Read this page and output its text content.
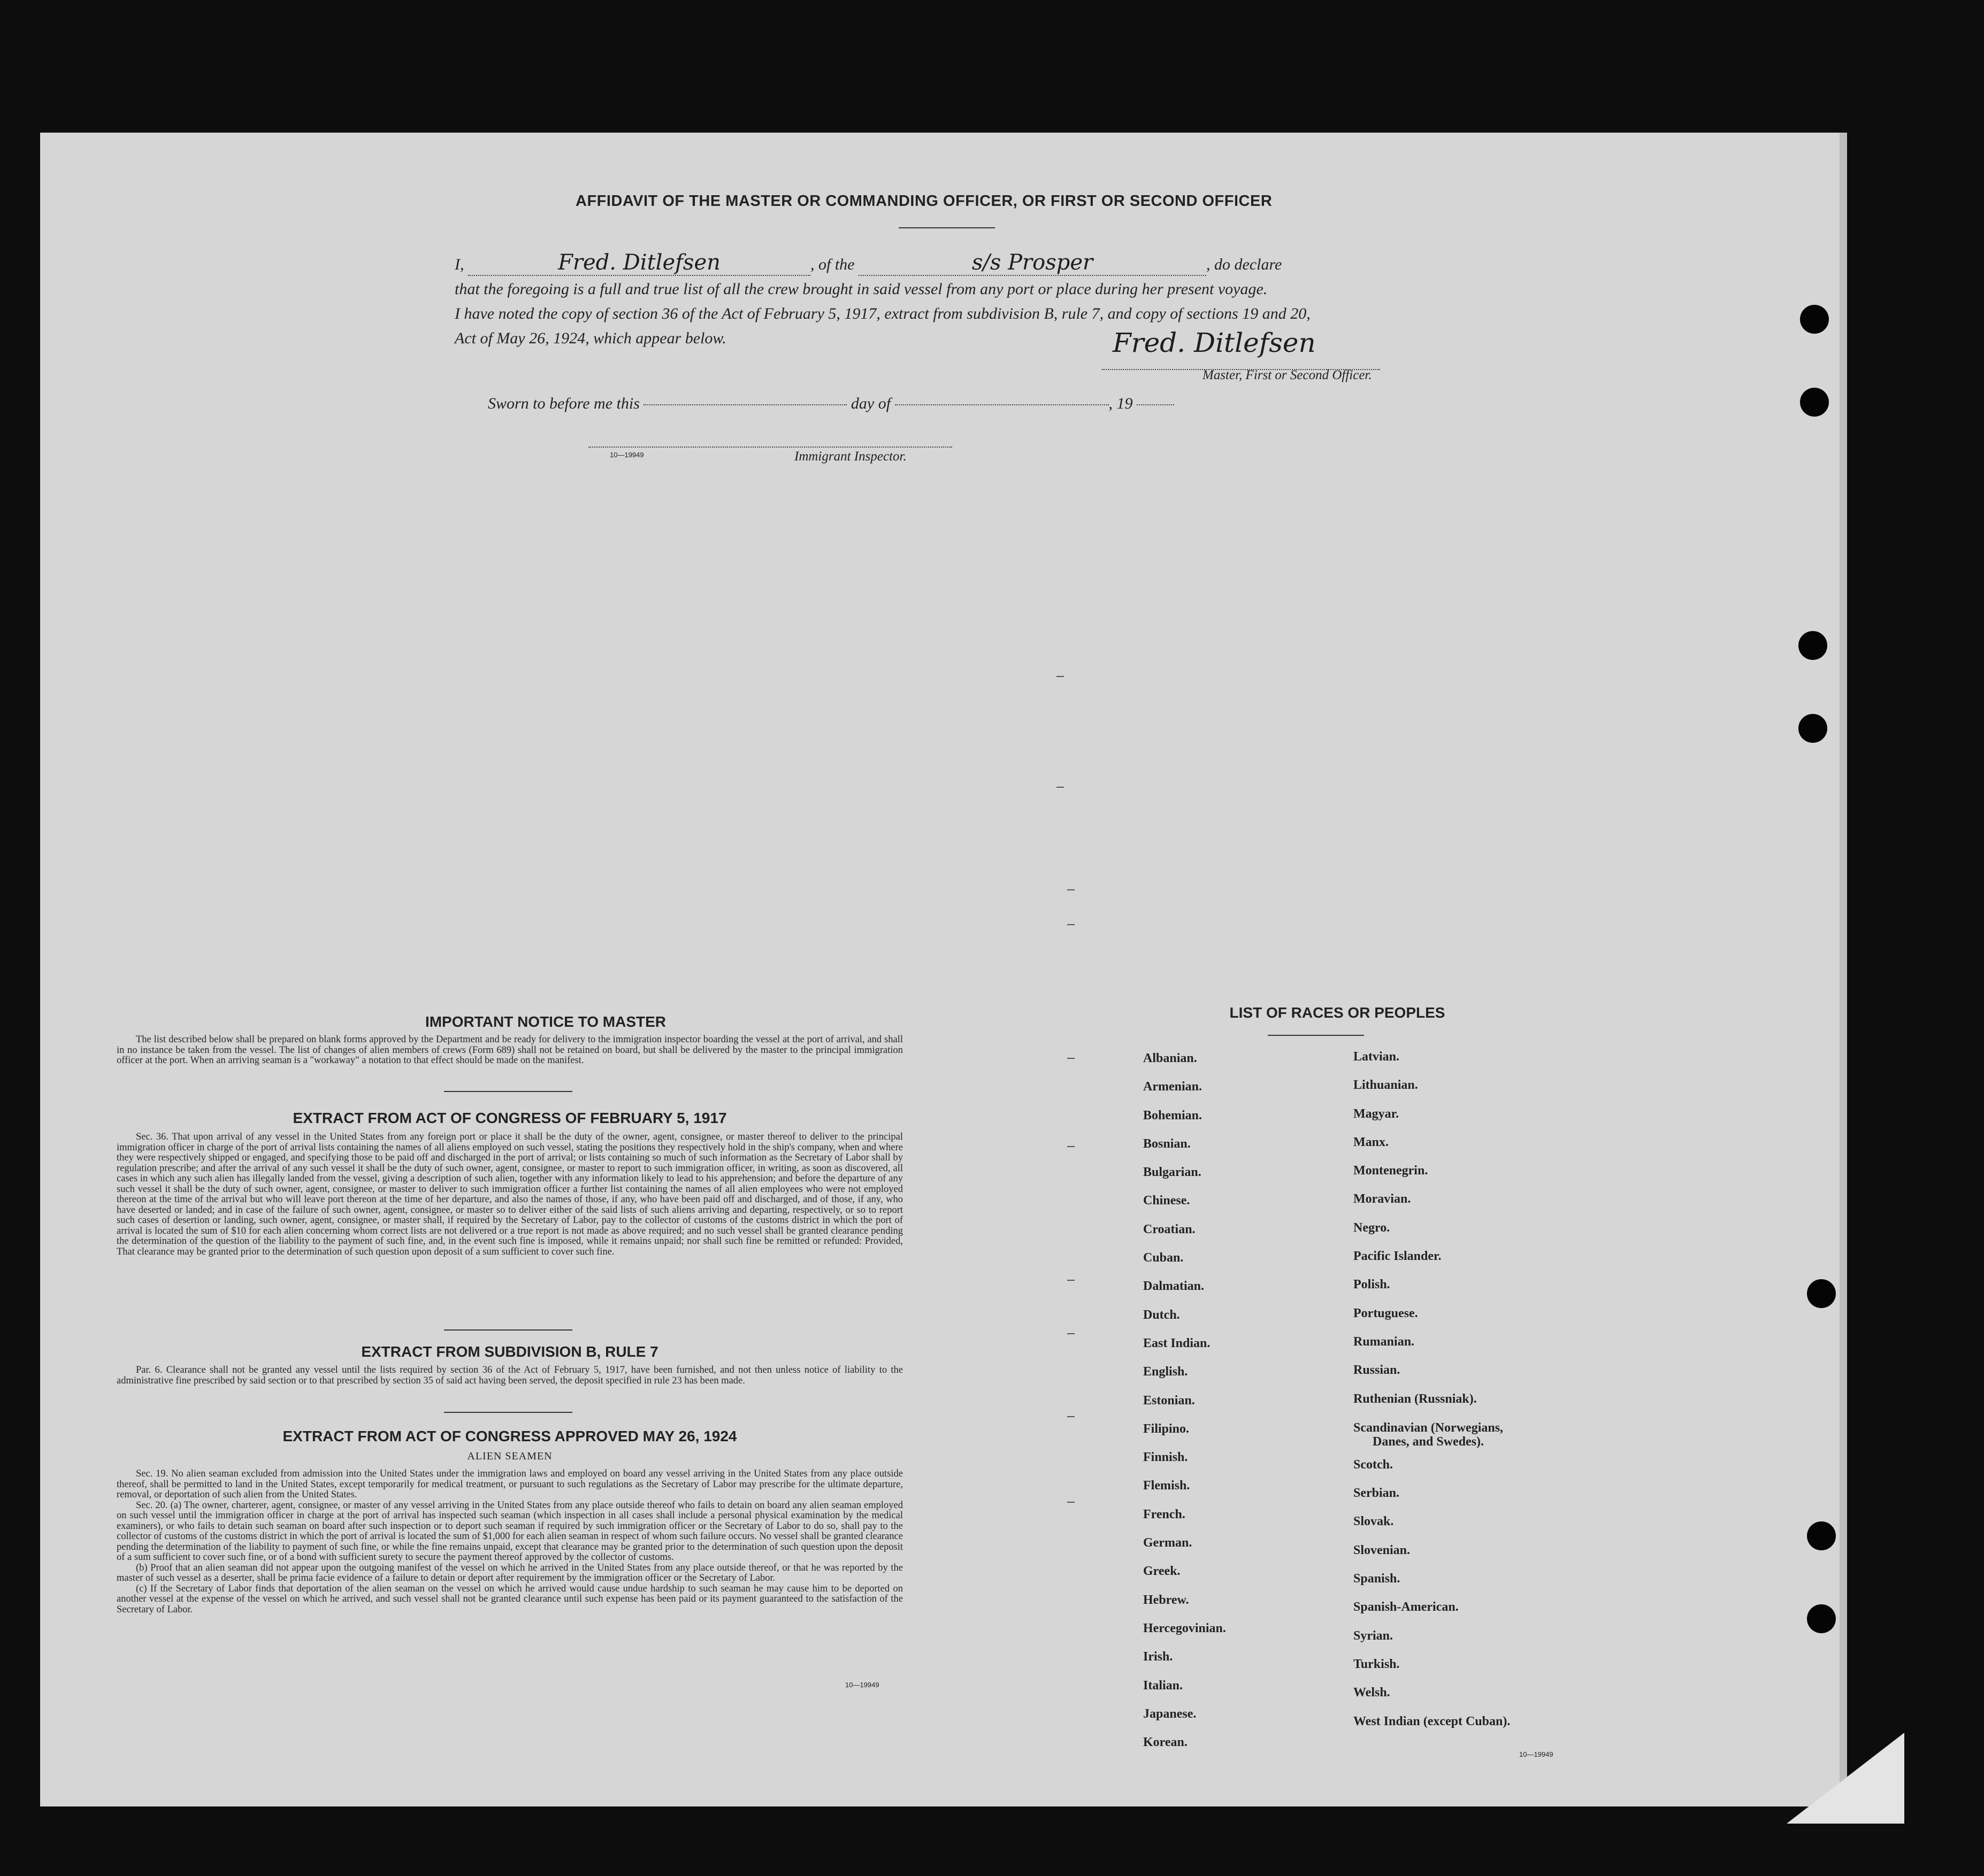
AFFIDAVIT OF THE MASTER OR COMMANDING OFFICER, OR FIRST OR SECOND OFFICER
I,	Fred. Ditlefsen	, of the	s/s Prosper	, do declare
that the foregoing is a full and true list of all the crew brought in said vessel from any port or place during her present voyage.
I have noted the copy of section 36 of the Act of February 5, 1917, extract from subdivision B, rule 7, and copy of sections 19 and 20,
Act of May 26, 1924, which appear below.	Fred. Ditlefsen
Master, First or Second Officer.
Sworn to before me this	day of	, 19
10—19949	Immigrant Inspector.
IMPORTANT NOTICE TO MASTER

The list described below shall be prepared on blank forms approved by the Department and be ready for delivery to the immigration inspector boarding the vessel at the port of arrival, and shall in no instance be taken from the vessel. The list of changes of alien members of crews (Form 689) shall not be retained on board, but shall be delivered by the master to the principal immigration officer at the port. When an arriving seaman is a "workaway" a notation to that effect should be made on the manifest.

EXTRACT FROM ACT OF CONGRESS OF FEBRUARY 5, 1917

Sec. 36. That upon arrival of any vessel in the United States from any foreign port or place it shall be the duty of the owner, agent, consignee, or master thereof to deliver to the principal immigration officer in charge of the port of arrival lists containing the names of all aliens employed on such vessel, stating the positions they respectively hold in the ship's company, when and where they were respectively shipped or engaged, and specifying those to be paid off and discharged in the port of arrival; or lists containing so much of such information as the Secretary of Labor shall by regulation prescribe; and after the arrival of any such vessel it shall be the duty of such owner, agent, consignee, or master to report to such immigration officer, in writing, as soon as discovered, all cases in which any such alien has illegally landed from the vessel, giving a description of such alien, together with any information likely to lead to his apprehension; and before the departure of any such vessel it shall be the duty of such owner, agent, consignee, or master to deliver to such immigration officer a further list containing the names of all alien employees who were not employed thereon at the time of the arrival but who will leave port thereon at the time of her departure, and also the names of those, if any, who have been paid off and discharged, and of those, if any, who have deserted or landed; and in case of the failure of such owner, agent, consignee, or master so to deliver either of the said lists of such aliens arriving and departing, respectively, or so to report such cases of desertion or landing, such owner, agent, consignee, or master shall, if required by the Secretary of Labor, pay to the collector of customs of the customs district in which the port of arrival is located the sum of $10 for each alien concerning whom correct lists are not delivered or a true report is not made as above required; and no such vessel shall be granted clearance pending the determination of the question of the liability to the payment of such fine, and, in the event such fine is imposed, while it remains unpaid; nor shall such fine be remitted or refunded: Provided, That clearance may be granted prior to the determination of such question upon deposit of a sum sufficient to cover such fine.

EXTRACT FROM SUBDIVISION B, RULE 7

Par. 6. Clearance shall not be granted any vessel until the lists required by section 36 of the Act of February 5, 1917, have been furnished, and not then unless notice of liability to the administrative fine prescribed by said section or to that prescribed by section 35 of said act having been served, the deposit specified in rule 23 has been made.

EXTRACT FROM ACT OF CONGRESS APPROVED MAY 26, 1924
ALIEN SEAMEN

Sec. 19. No alien seaman excluded from admission into the United States under the immigration laws and employed on board any vessel arriving in the United States from any place outside thereof, shall be permitted to land in the United States, except temporarily for medical treatment, or pursuant to such regulations as the Secretary of Labor may prescribe for the ultimate departure, removal, or deportation of such alien from the United States.

Sec. 20. (a) The owner, charterer, agent, consignee, or master of any vessel arriving in the United States from any place outside thereof who fails to detain on board any alien seaman employed on such vessel until the immigration officer in charge at the port of arrival has inspected such seaman (which inspection in all cases shall include a personal physical examination by the medical examiners), or who fails to detain such seaman on board after such inspection or to deport such seaman if required by such immigration officer or the Secretary of Labor to do so, shall pay to the collector of customs of the customs district in which the port of arrival is located the sum of $1,000 for each alien seaman in respect of whom such failure occurs. No vessel shall be granted clearance pending the determination of the liability to payment of such fine, or while the fine remains unpaid, except that clearance may be granted prior to the determination of such question upon the deposit of a sum sufficient to cover such fine, or of a bond with sufficient surety to secure the payment thereof approved by the collector of customs.

(b) Proof that an alien seaman did not appear upon the outgoing manifest of the vessel on which he arrived in the United States from any place outside thereof, or that he was reported by the master of such vessel as a deserter, shall be prima facie evidence of a failure to detain or deport after requirement by the immigration officer or the Secretary of Labor.

(c) If the Secretary of Labor finds that deportation of the alien seaman on the vessel on which he arrived would cause undue hardship to such seaman he may cause him to be deported on another vessel at the expense of the vessel on which he arrived, and such vessel shall not be granted clearance until such expense has been paid or its payment guaranteed to the satisfaction of the Secretary of Labor.

10—19949
LIST OF RACES OR PEOPLES
Albanian.
Armenian.
Bohemian.
Bosnian.
Bulgarian.
Chinese.
Croatian.
Cuban.
Dalmatian.
Dutch.
East Indian.
English.
Estonian.
Filipino.
Finnish.
Flemish.
French.
German.
Greek.
Hebrew.
Hercegovinian.
Irish.
Italian.
Japanese.
Korean.
Latvian.
Lithuanian.
Magyar.
Manx.
Montenegrin.
Moravian.
Negro.
Pacific Islander.
Polish.
Portuguese.
Rumanian.
Russian.
Ruthenian (Russniak).
Scandinavian (Norwegians,
Danes, and Swedes).
Scotch.
Serbian.
Slovak.
Slovenian.
Spanish.
Spanish-American.
Syrian.
Turkish.
Welsh.
West Indian (except Cuban).
10—19949
